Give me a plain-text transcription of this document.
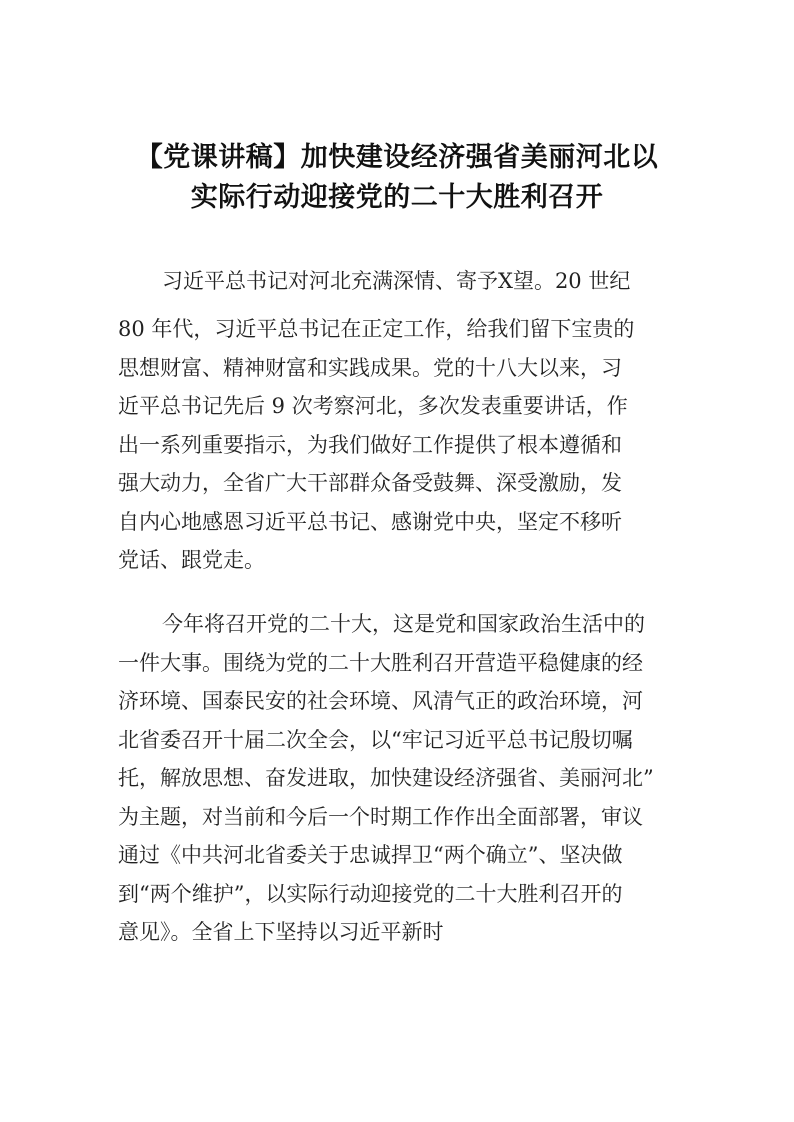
【党课讲稿】加快建设经济强省美丽河北以
实际行动迎接党的二十大胜利召开
习近平总书记对河北充满深情、寄予X望。20 世纪
80 年代，习近平总书记在正定工作，给我们留下宝贵的
思想财富、精神财富和实践成果。党的十八大以来，习
近平总书记先后 9 次考察河北，多次发表重要讲话，作
出一系列重要指示，为我们做好工作提供了根本遵循和
强大动力，全省广大干部群众备受鼓舞、深受激励，发
自内心地感恩习近平总书记、感谢党中央，坚定不移听
党话、跟党走。
今年将召开党的二十大，这是党和国家政治生活中的
一件大事。围绕为党的二十大胜利召开营造平稳健康的经
济环境、国泰民安的社会环境、风清气正的政治环境，河
北省委召开十届二次全会，以“牢记习近平总书记殷切嘱
托，解放思想、奋发进取，加快建设经济强省、美丽河北”
为主题，对当前和今后一个时期工作作出全面部署，审议
通过《中共河北省委关于忠诚捍卫“两个确立”、坚决做
到“两个维护”，以实际行动迎接党的二十大胜利召开的
意见》。全省上下坚持以习近平新时
